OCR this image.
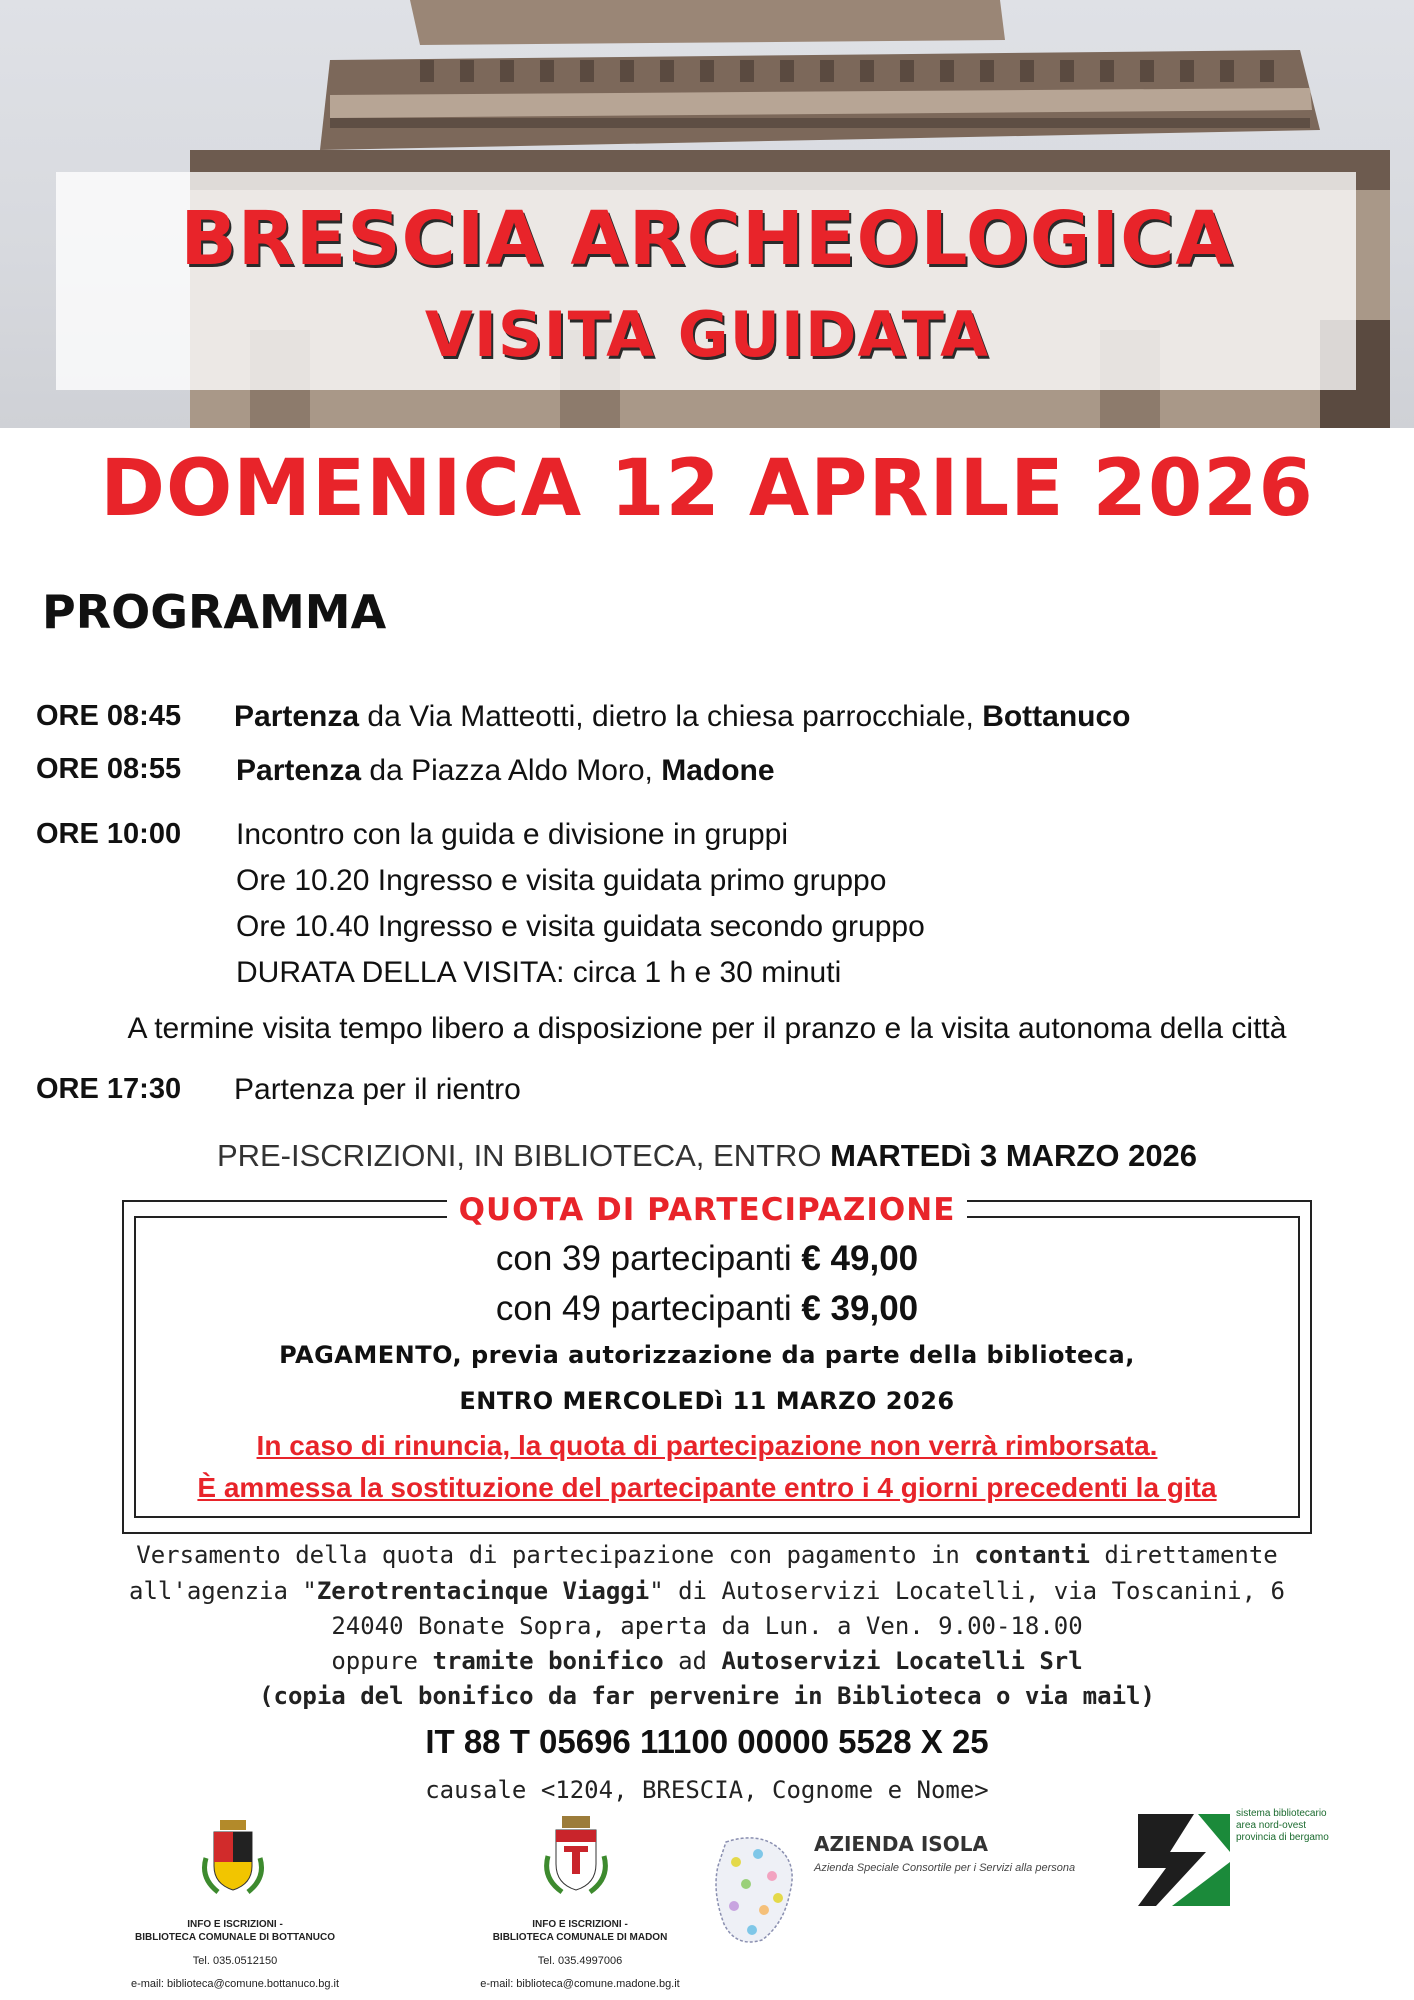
BRESCIA ARCHEOLOGICA
VISITA GUIDATA
DOMENICA 12 APRILE 2026
PROGRAMMA
ORE 08:45 Partenza da Via Matteotti, dietro la chiesa parrocchiale, Bottanuco
ORE 08:55 Partenza da Piazza Aldo Moro, Madone
ORE 10:00 Incontro con la guida e divisione in gruppi
Ore 10.20 Ingresso e visita guidata primo gruppo
Ore 10.40 Ingresso e visita guidata secondo gruppo
DURATA DELLA VISITA: circa 1 h e 30 minuti
A termine visita tempo libero a disposizione per il pranzo e la visita autonoma della città
ORE 17:30 Partenza per il rientro
PRE-ISCRIZIONI, IN BIBLIOTECA, ENTRO MARTEDì 3 MARZO 2026
QUOTA DI PARTECIPAZIONE
con 39 partecipanti € 49,00
con 49 partecipanti € 39,00
PAGAMENTO, previa autorizzazione da parte della biblioteca,
ENTRO MERCOLEDì 11 MARZO 2026
In caso di rinuncia, la quota di partecipazione non verrà rimborsata.
È ammessa la sostituzione del partecipante entro i 4 giorni precedenti la gita
Versamento della quota di partecipazione con pagamento in contanti direttamente
all'agenzia "Zerotrentacinque Viaggi" di Autoservizi Locatelli, via Toscanini, 6
24040 Bonate Sopra, aperta da Lun. a Ven. 9.00-18.00
oppure tramite bonifico ad Autoservizi Locatelli Srl
(copia del bonifico da far pervenire in Biblioteca o via mail)
IT 88 T 05696 11100 00000 5528 X 25
causale <1204, BRESCIA, Cognome e Nome>
INFO E ISCRIZIONI -
BIBLIOTECA COMUNALE DI BOTTANUCO
Tel. 035.0512150
e-mail: biblioteca@comune.bottanuco.bg.it
INFO E ISCRIZIONI -
BIBLIOTECA COMUNALE DI MADON
Tel. 035.4997006
e-mail: biblioteca@comune.madone.bg.it
AZIENDA ISOLA
Azienda Speciale Consortile per i Servizi alla persona
sistema bibliotecario
area nord-ovest
provincia di bergamo
